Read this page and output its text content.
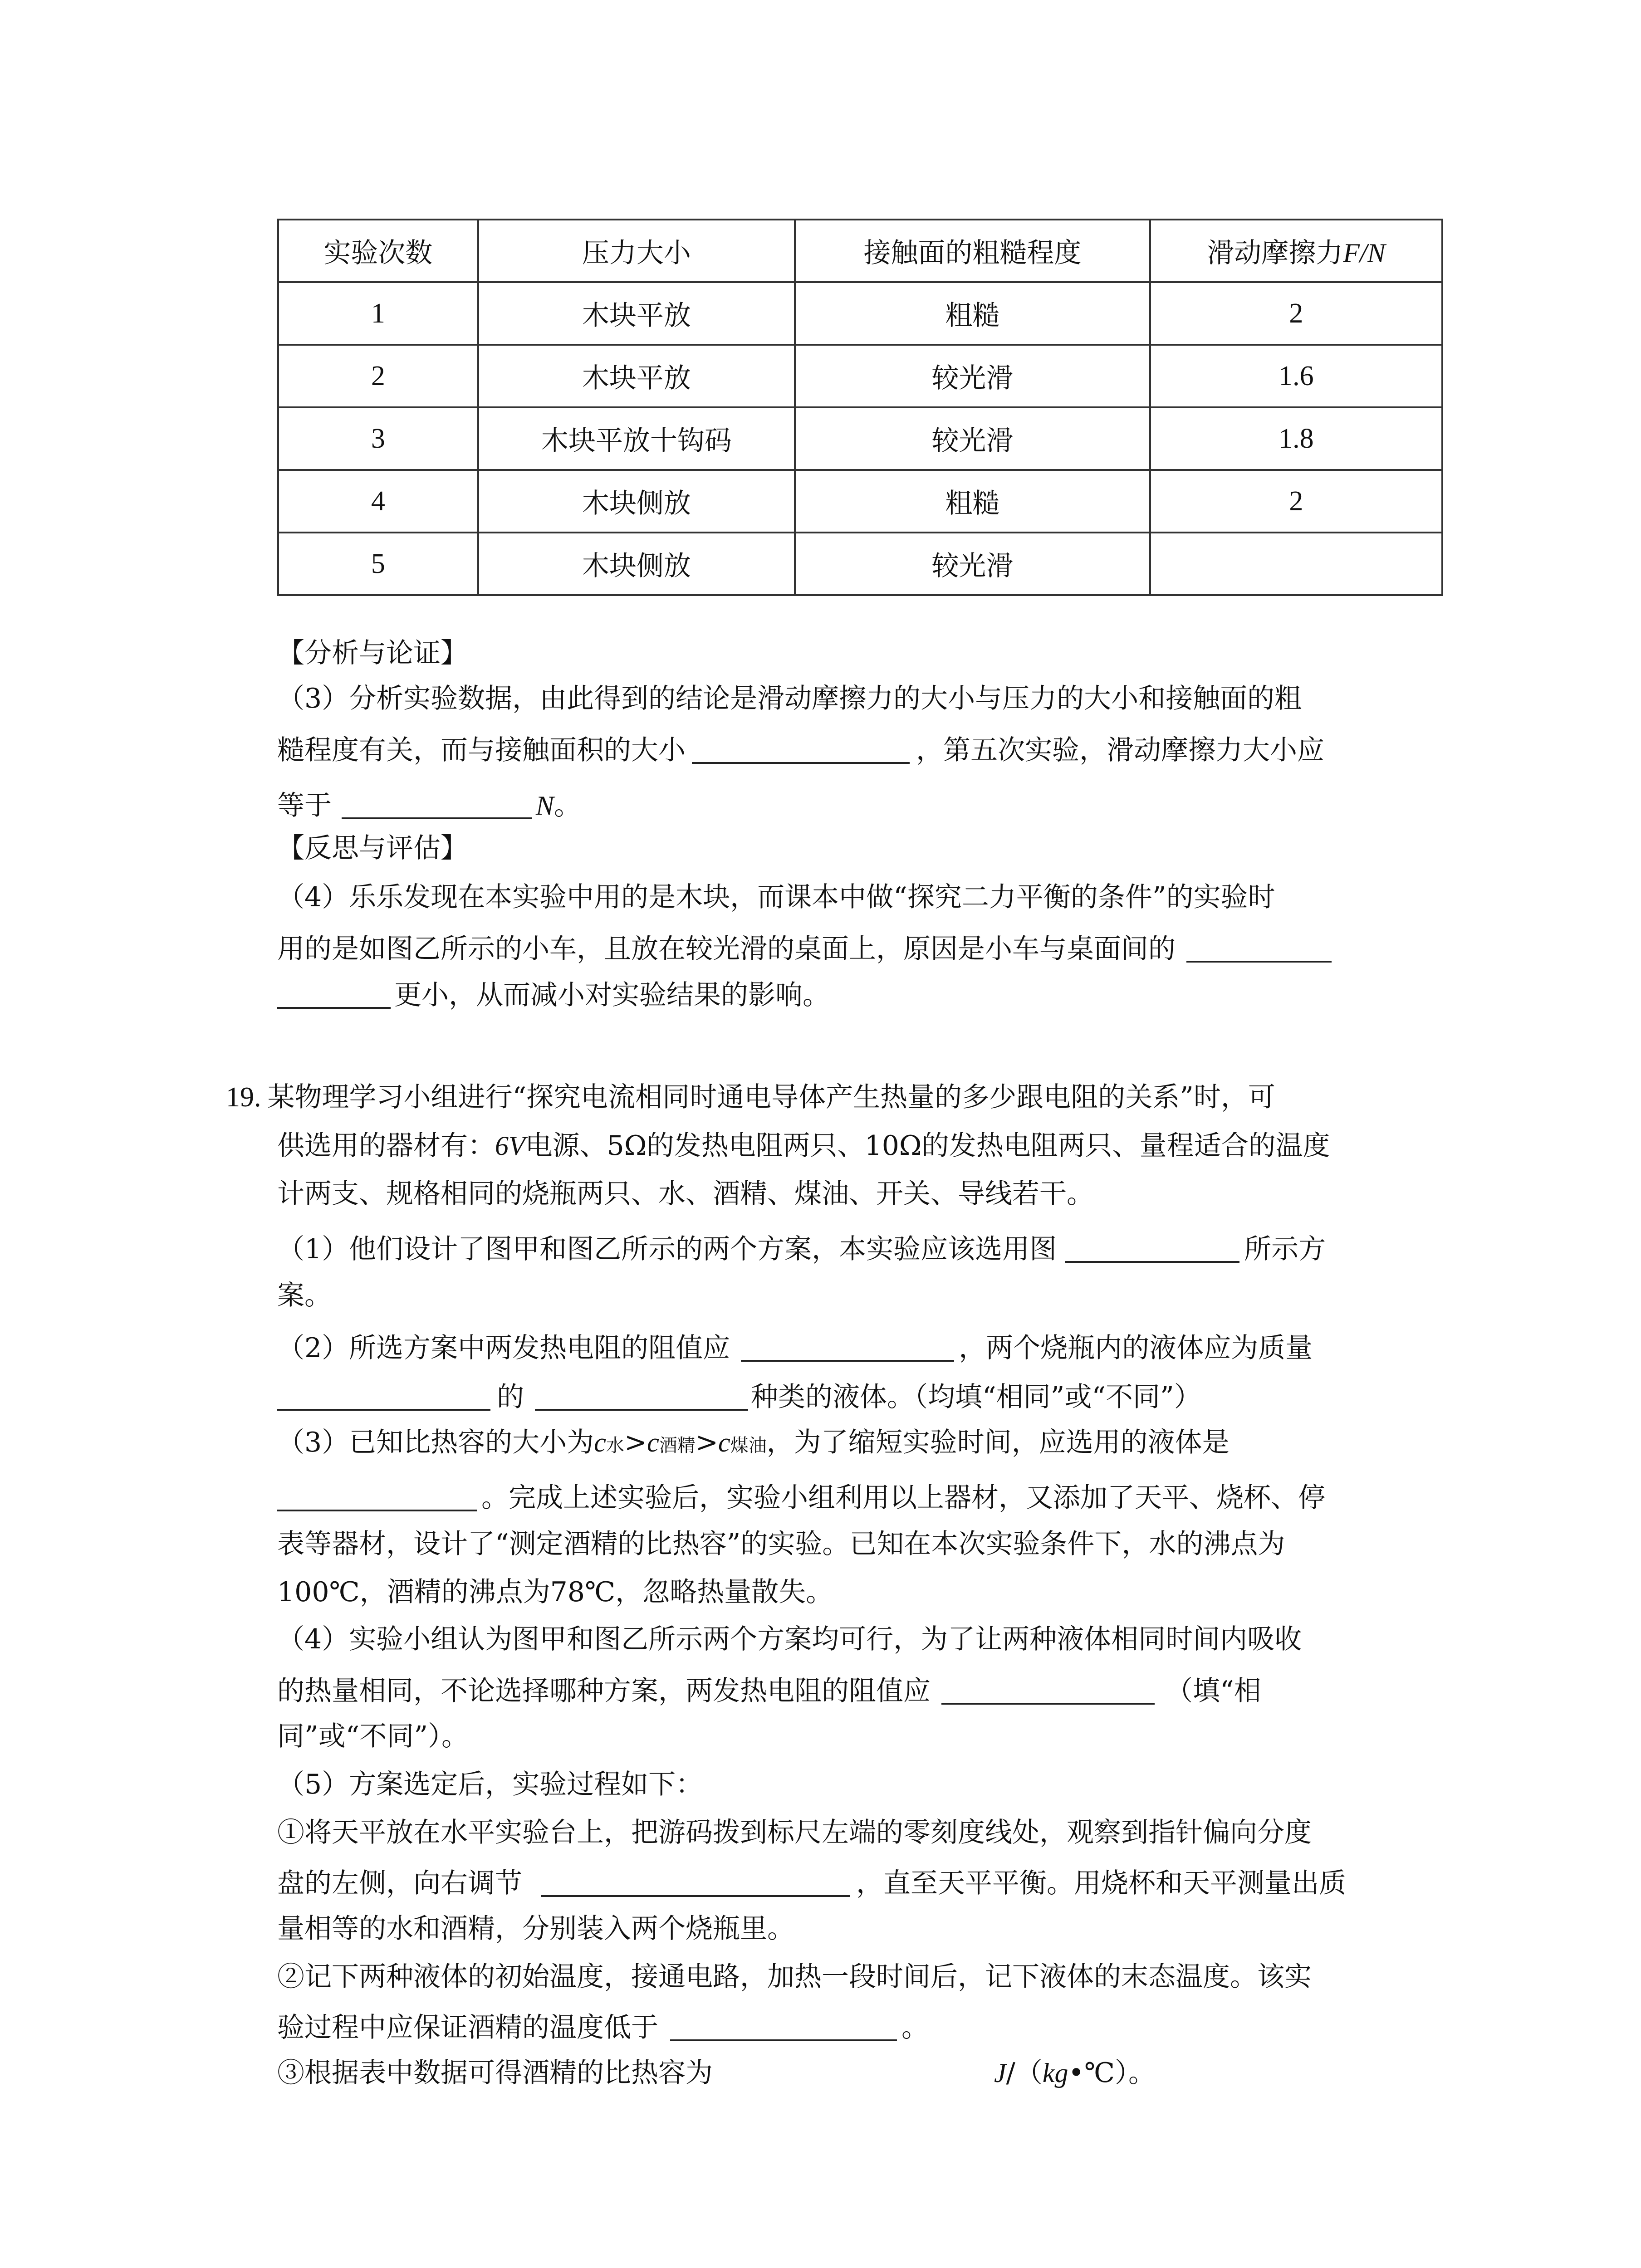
实验次数	压力大小	接触面的粗糙程度	滑动摩擦力F/N
1	木块平放	粗糙	2
2	木块平放	较光滑	1.6
3	木块平放十钩码	较光滑	1.8
4	木块侧放	粗糙	2
5	木块侧放	较光滑	
【分析与论证】
（3）分析实验数据，由此得到的结论是滑动摩擦力的大小与压力的大小和接触面的粗
糙程度有关，而与接触面积的大小	，第五次实验，滑动摩擦力大小应
等于	N。
【反思与评估】
（4）乐乐发现在本实验中用的是木块，而课本中做“探究二力平衡的条件”的实验时
用的是如图乙所示的小车，且放在较光滑的桌面上，原因是小车与桌面间的
更小，从而减小对实验结果的影响。
19. 某物理学习小组进行“探究电流相同时通电导体产生热量的多少跟电阻的关系”时，可
供选用的器材有：6V电源、5Ω的发热电阻两只、10Ω的发热电阻两只、量程适合的温度
计两支、规格相同的烧瓶两只、水、酒精、煤油、开关、导线若干。
（1）他们设计了图甲和图乙所示的两个方案，本实验应该选用图	所示方
案。
（2）所选方案中两发热电阻的阻值应	，两个烧瓶内的液体应为质量
的	种类的液体。（均填“相同”或“不同”）
（3）已知比热容的大小为c水>c酒精>c煤油，为了缩短实验时间，应选用的液体是
。完成上述实验后，实验小组利用以上器材，又添加了天平、烧杯、停
表等器材，设计了“测定酒精的比热容”的实验。已知在本次实验条件下，水的沸点为
100℃，酒精的沸点为78℃，忽略热量散失。
（4）实验小组认为图甲和图乙所示两个方案均可行，为了让两种液体相同时间内吸收
的热量相同，不论选择哪种方案，两发热电阻的阻值应	（填“相
同”或“不同”）。
（5）方案选定后，实验过程如下：
①将天平放在水平实验台上，把游码拨到标尺左端的零刻度线处，观察到指针偏向分度
盘的左侧，向右调节	，直至天平平衡。用烧杯和天平测量出质
量相等的水和酒精，分别装入两个烧瓶里。
②记下两种液体的初始温度，接通电路，加热一段时间后，记下液体的末态温度。该实
验过程中应保证酒精的温度低于	。
③根据表中数据可得酒精的比热容为	J/（kg•℃）。
